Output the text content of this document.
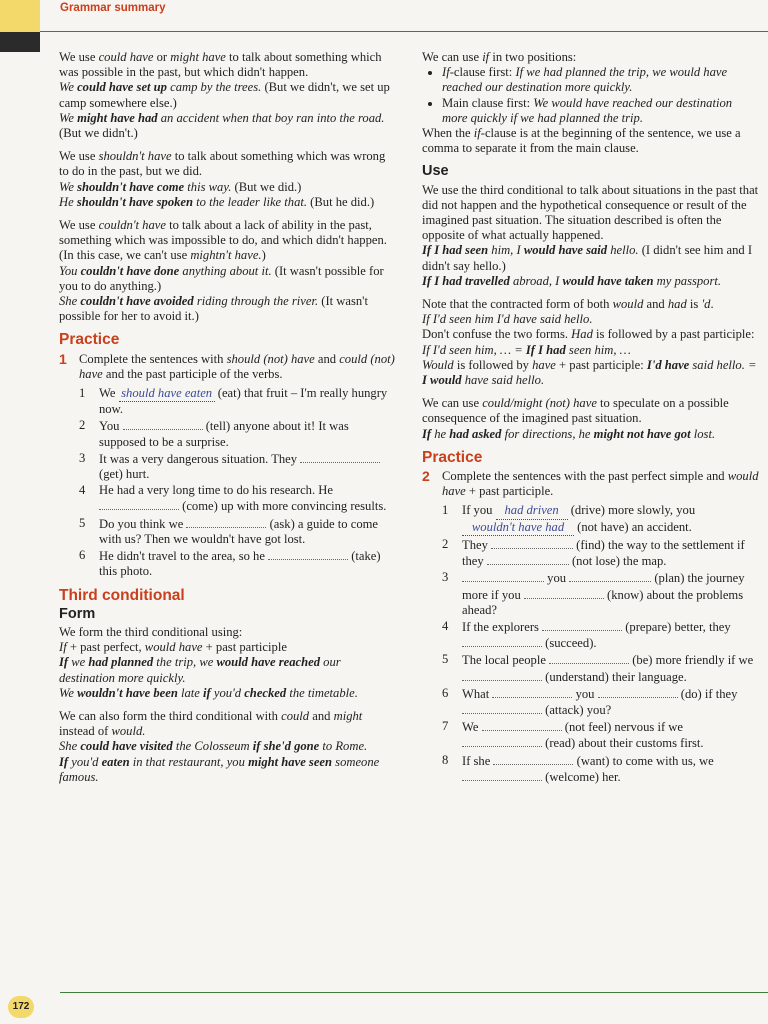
Grammar summary

We use could have or might have to talk about something which was possible in the past, but which didn't happen.
We could have set up camp by the trees. (But we didn't, we set up camp somewhere else.)
We might have had an accident when that boy ran into the road. (But we didn't.)

We use shouldn't have to talk about something which was wrong to do in the past, but we did.
We shouldn't have come this way. (But we did.)
He shouldn't have spoken to the leader like that. (But he did.)

We use couldn't have to talk about a lack of ability in the past, something which was impossible to do, and which didn't happen. (In this case, we can't use mightn't have.)
You couldn't have done anything about it. (It wasn't possible for you to do anything.)
She couldn't have avoided riding through the river. (It wasn't possible for her to avoid it.)

Practice
1 Complete the sentences with should (not) have and could (not) have and the past participle of the verbs.
1	We should have eaten (eat) that fruit – I'm really hungry now.
2	You	(tell) anyone about it! It was supposed to be a surprise.
3	It was a very dangerous situation. They  (get) hurt.
4	He had a very long time to do his research. He  (come) up with more convincing results.
5	Do you think we	(ask) a guide to come with us? Then we wouldn't have got lost.
6	He didn't travel to the area, so he	(take) this photo.
Third conditional
Form

We form the third conditional using:
If + past perfect, would have + past participle
If we had planned the trip, we would have reached our destination more quickly.
We wouldn't have been late if you'd checked the timetable.

We can also form the third conditional with could and might instead of would.
She could have visited the Colosseum if she'd gone to Rome.
If you'd eaten in that restaurant, you might have seen someone famous.

We can use if in two positions:

• If-clause first: If we had planned the trip, we would have reached our destination more quickly.
• Main clause first: We would have reached our destination more quickly if we had planned the trip.

When the if-clause is at the beginning of the sentence, we use a comma to separate it from the main clause.

Use

We use the third conditional to talk about situations in the past that did not happen and the hypothetical consequence or result of the imagined past situation. The situation described is often the opposite of what actually happened.
If I had seen him, I would have said hello. (I didn't see him and I didn't say hello.)
If I had travelled abroad, I would have taken my passport.

Note that the contracted form of both would and had is 'd.
If I'd seen him I'd have said hello.
Don't confuse the two forms. Had is followed by a past participle:
If I'd seen him, … = If I had seen him, …
Would is followed by have + past participle: I'd have said hello. = I would have said hello.

We can use could/might (not) have to speculate on a possible consequence of the imagined past situation.
If he had asked for directions, he might not have got lost.

Practice
2 Complete the sentences with the past perfect simple and would have + past participle.
1	If you had driven (drive) more slowly, you wouldn't have had (not have) an accident.
2	They	(find) the way to the settlement if they	(not lose) the map.
3	you	(plan) the journey more if you	(know) about the problems ahead?
4	If the explorers	(prepare) better, they  (succeed).
5	The local people	(be) more friendly if we  (understand) their language.
6	What	you	(do) if they  (attack) you?
7	We	(not feel) nervous if we  (read) about their customs first.
8	If she	(want) to come with us, we  (welcome) her.
172
